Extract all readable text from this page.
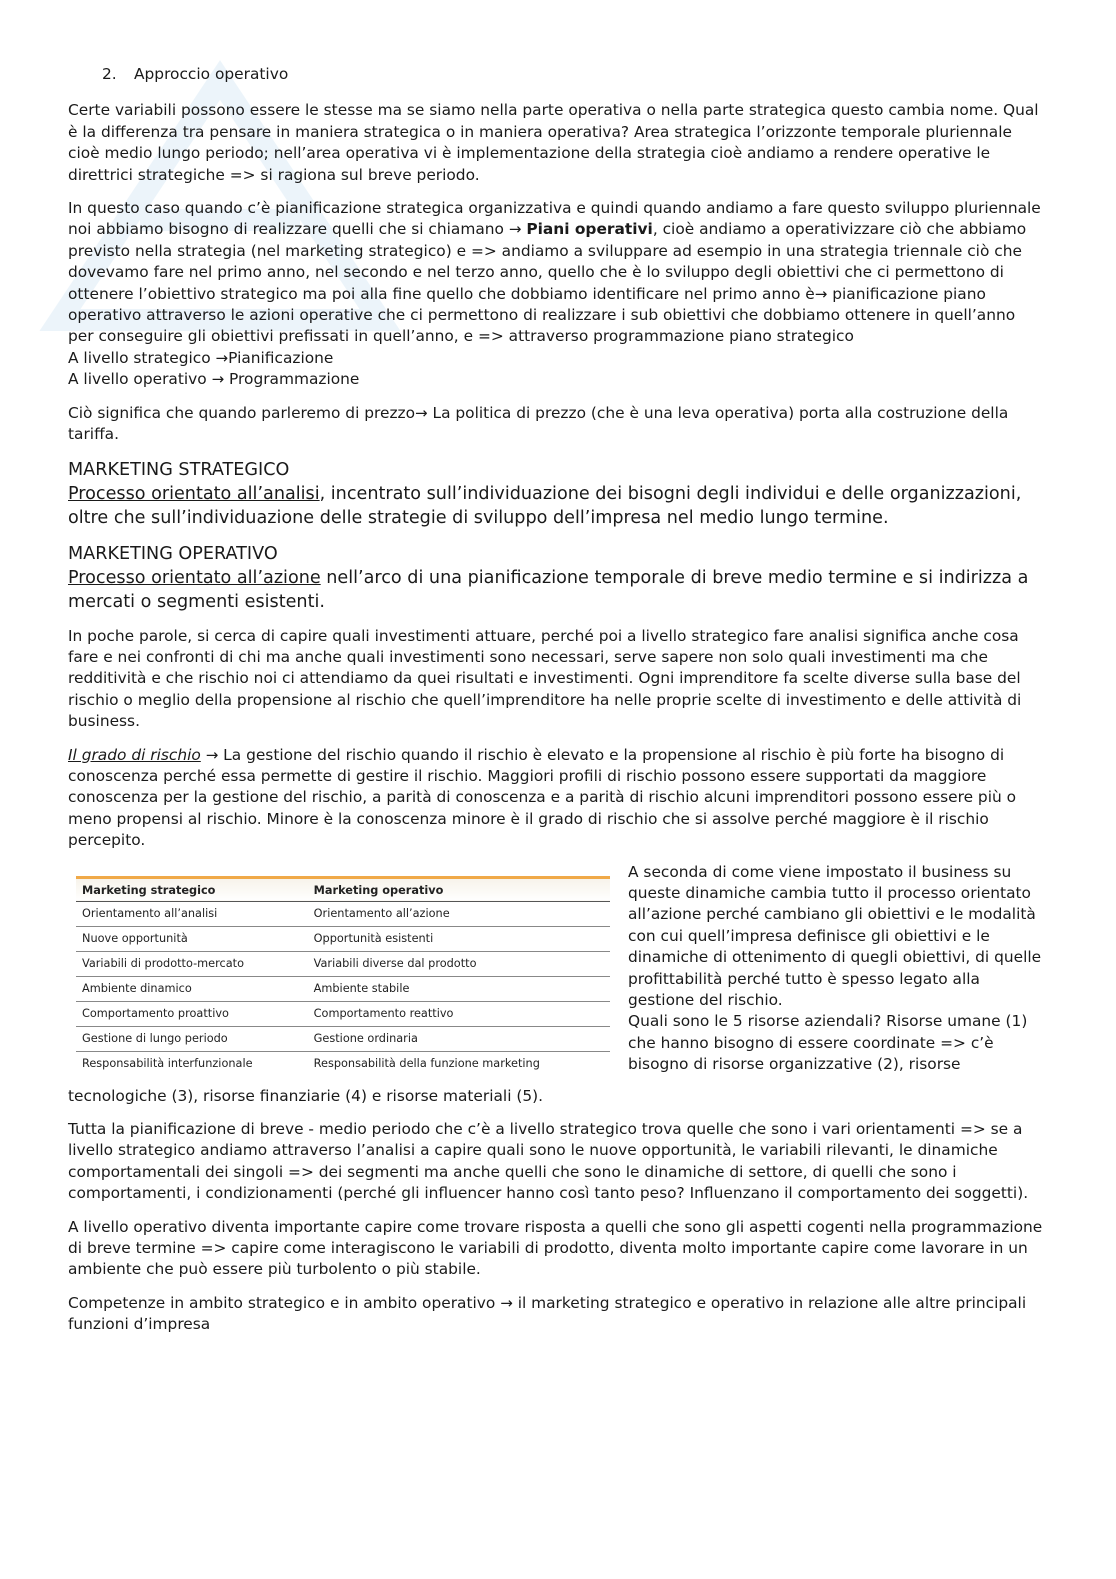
2. Approccio operativo

Certe variabili possono essere le stesse ma se siamo nella parte operativa o nella parte strategica questo cambia nome. Qual è la differenza tra pensare in maniera strategica o in maniera operativa? Area strategica l’orizzonte temporale pluriennale cioè medio lungo periodo; nell’area operativa vi è implementazione della strategia cioè andiamo a rendere operative le direttrici strategiche => si ragiona sul breve periodo.

In questo caso quando c’è pianificazione strategica organizzativa e quindi quando andiamo a fare questo sviluppo pluriennale noi abbiamo bisogno di realizzare quelli che si chiamano → Piani operativi, cioè andiamo a operativizzare ciò che abbiamo previsto nella strategia (nel marketing strategico) e => andiamo a sviluppare ad esempio in una strategia triennale ciò che dovevamo fare nel primo anno, nel secondo e nel terzo anno, quello che è lo sviluppo degli obiettivi che ci permettono di ottenere l’obiettivo strategico ma poi alla fine quello che dobbiamo identificare nel primo anno è→ pianificazione piano operativo attraverso le azioni operative che ci permettono di realizzare i sub obiettivi che dobbiamo ottenere in quell’anno per conseguire gli obiettivi prefissati in quell’anno, e => attraverso programmazione piano strategico

A livello strategico →Pianificazione

A livello operativo → Programmazione

Ciò significa che quando parleremo di prezzo→ La politica di prezzo (che è una leva operativa) porta alla costruzione della tariffa.

MARKETING STRATEGICO

Processo orientato all’analisi, incentrato sull’individuazione dei bisogni degli individui e delle organizzazioni, oltre che sull’individuazione delle strategie di sviluppo dell’impresa nel medio lungo termine.

MARKETING OPERATIVO

Processo orientato all’azione nell’arco di una pianificazione temporale di breve medio termine e si indirizza a mercati o segmenti esistenti.

In poche parole, si cerca di capire quali investimenti attuare, perché poi a livello strategico fare analisi significa anche cosa fare e nei confronti di chi ma anche quali investimenti sono necessari, serve sapere non solo quali investimenti ma che redditività e che rischio noi ci attendiamo da quei risultati e investimenti. Ogni imprenditore fa scelte diverse sulla base del rischio o meglio della propensione al rischio che quell’imprenditore ha nelle proprie scelte di investimento e delle attività di business.

Il grado di rischio → La gestione del rischio quando il rischio è elevato e la propensione al rischio è più forte ha bisogno di conoscenza perché essa permette di gestire il rischio. Maggiori profili di rischio possono essere supportati da maggiore conoscenza per la gestione del rischio, a parità di conoscenza e a parità di rischio alcuni imprenditori possono essere più o meno propensi al rischio. Minore è la conoscenza minore è il grado di rischio che si assolve perché maggiore è il rischio percepito.

Marketing strategico	Marketing operativo
Orientamento all’analisi	Orientamento all’azione
Nuove opportunità	Opportunità esistenti
Variabili di prodotto-mercato	Variabili diverse dal prodotto
Ambiente dinamico	Ambiente stabile
Comportamento proattivo	Comportamento reattivo
Gestione di lungo periodo	Gestione ordinaria
Responsabilità interfunzionale	Responsabilità della funzione marketing

A seconda di come viene impostato il business su queste dinamiche cambia tutto il processo orientato all’azione perché cambiano gli obiettivi e le modalità con cui quell’impresa definisce gli obiettivi e le dinamiche di ottenimento di quegli obiettivi, di quelle profittabilità perché tutto è spesso legato alla gestione del rischio.

Quali sono le 5 risorse aziendali? Risorse umane (1) che hanno bisogno di essere coordinate => c’è bisogno di risorse organizzative (2), risorse

tecnologiche (3), risorse finanziarie (4) e risorse materiali (5).

Tutta la pianificazione di breve - medio periodo che c’è a livello strategico trova quelle che sono i vari orientamenti => se a livello strategico andiamo attraverso l’analisi a capire quali sono le nuove opportunità, le variabili rilevanti, le dinamiche comportamentali dei singoli => dei segmenti ma anche quelli che sono le dinamiche di settore, di quelli che sono i comportamenti, i condizionamenti (perché gli influencer hanno così tanto peso? Influenzano il comportamento dei soggetti).

A livello operativo diventa importante capire come trovare risposta a quelli che sono gli aspetti cogenti nella programmazione di breve termine => capire come interagiscono le variabili di prodotto, diventa molto importante capire come lavorare in un ambiente che può essere più turbolento o più stabile.

Competenze in ambito strategico e in ambito operativo → il marketing strategico e operativo in relazione alle altre principali funzioni d’impresa
